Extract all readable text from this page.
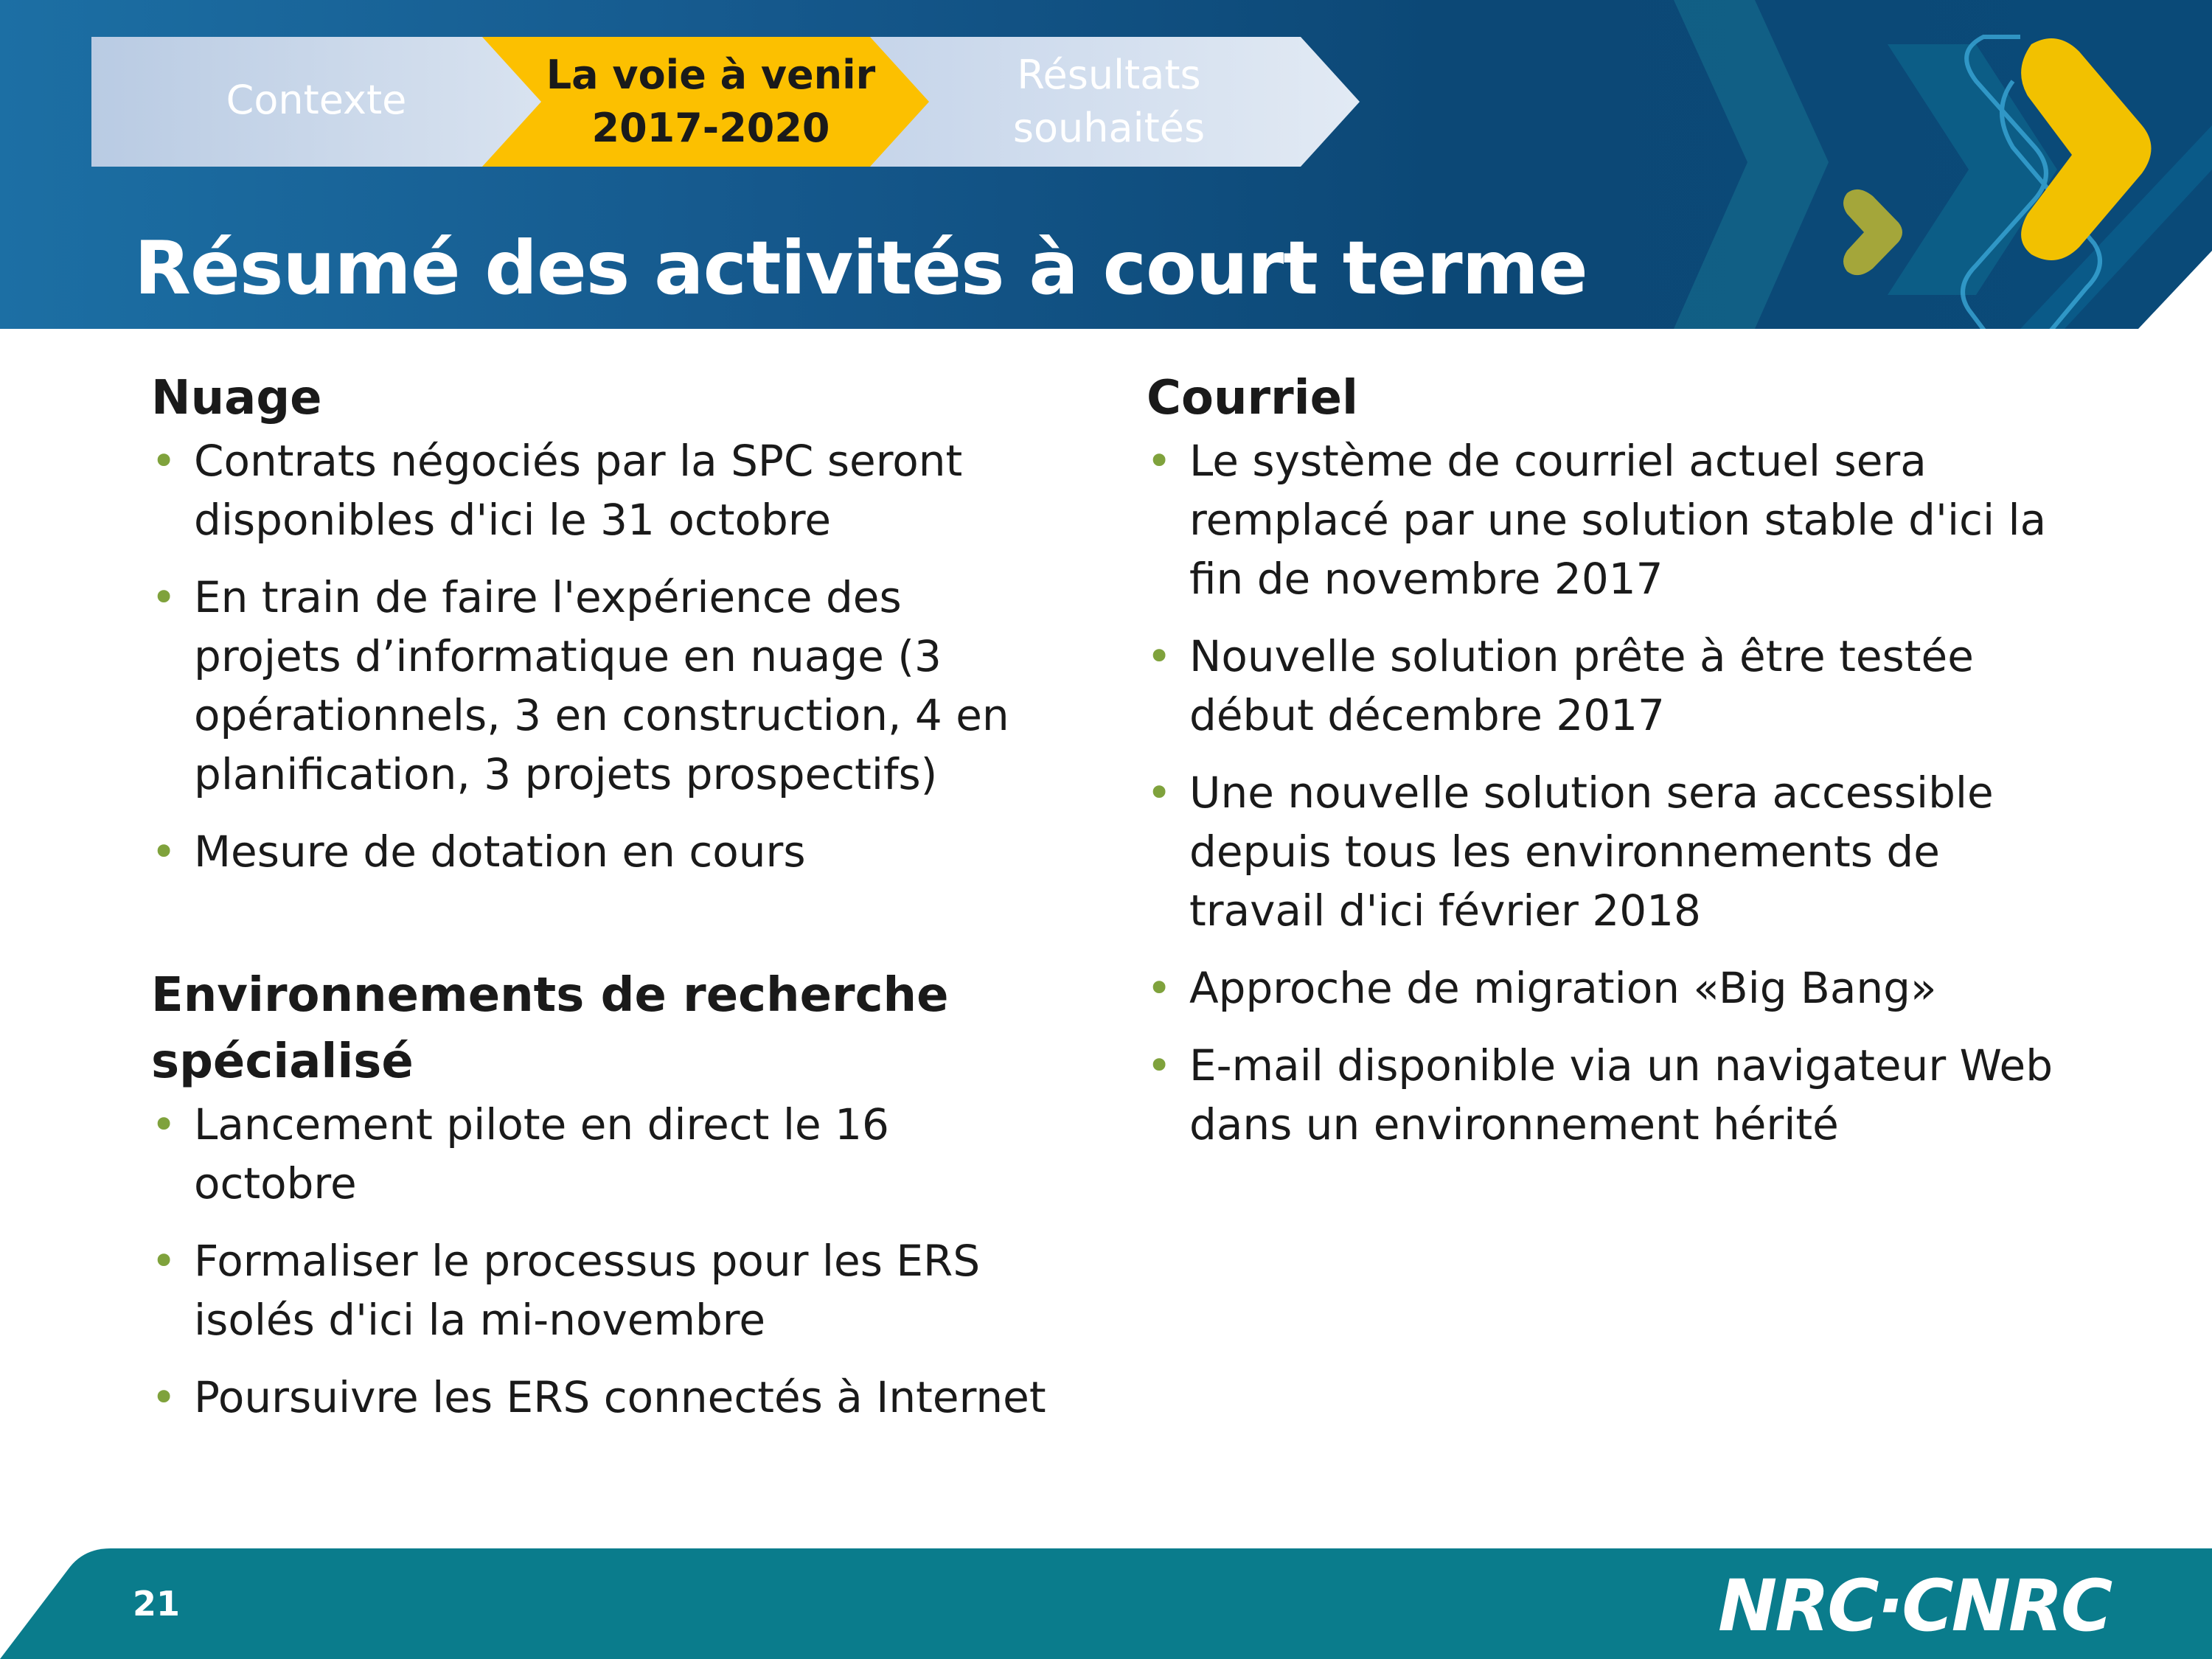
Contexte
La voie à venir
2017-2020
Résultats
souhaités
Résumé des activités à court terme
Nuage
• Contrats négociés par la SPC seront disponibles d'ici le 31 octobre
• En train de faire l'expérience des projets d’informatique en nuage (3 opérationnels, 3 en construction, 4 en planification, 3 projets prospectifs)
• Mesure de dotation en cours
Environnements de recherche spécialisé
• Lancement pilote en direct le 16 octobre
• Formaliser le processus pour les ERS isolés d'ici la mi-novembre
• Poursuivre les ERS connectés à Internet
Courriel
• Le système de courriel actuel sera remplacé par une solution stable d'ici la fin de novembre 2017
• Nouvelle solution prête à être testée début décembre 2017
• Une nouvelle solution sera accessible depuis tous les environnements de travail d'ici février 2018
• Approche de migration «Big Bang»
• E-mail disponible via un navigateur Web dans un environnement hérité
21	NRC·CNRC
